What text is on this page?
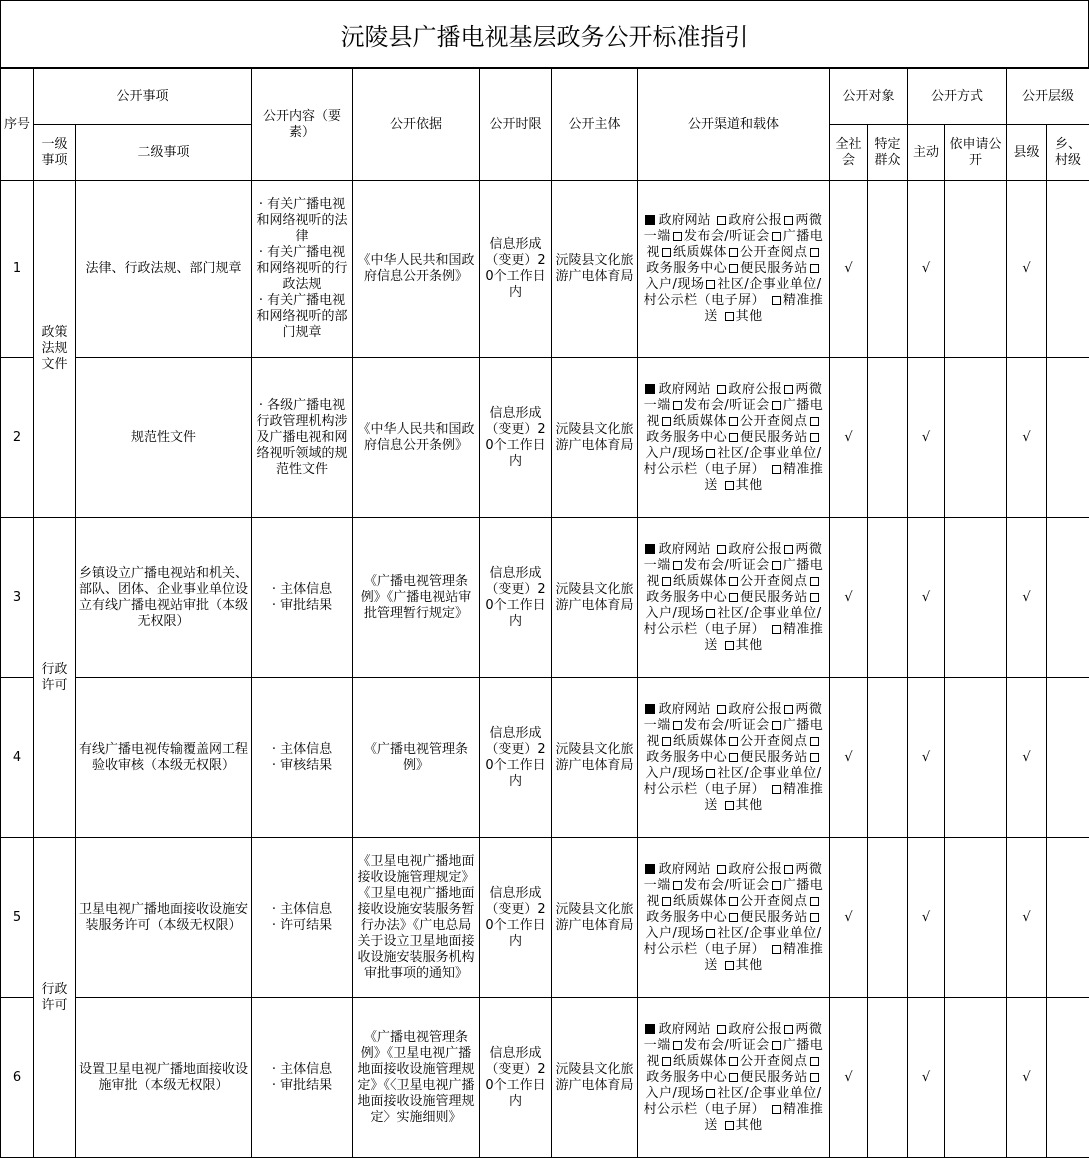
沅陵县广播电视基层政务公开标准指引
序号	公开事项		公开内容（要素）	公开依据	公开时限	公开主体	公开渠道和载体	公开对象		公开方式		公开层级	
	一级事项	二级事项						全社会	特定群众	主动	依申请公开	县级	乡、村级
1	政策法规文件	法律、行政法规、部门规章	· 有关广播电视和网络视听的法律
· 有关广播电视和网络视听的行政法规
· 有关广播电视和网络视听的部门规章	《中华人民共和国政府信息公开条例》	信息形成（变更）20个工作日内	沅陵县文化旅游广电体育局	政府网站 政府公报 两微一端 发布会/听证会 广播电视 纸质媒体 公开查阅点政务服务中心 便民服务站入户/现场 社区/企事业单位/村公示栏（电子屏） 精准推送 其他	√		√		√	
2		规范性文件	· 各级广播电视行政管理机构涉及广播电视和网络视听领域的规范性文件	《中华人民共和国政府信息公开条例》	信息形成（变更）20个工作日内	沅陵县文化旅游广电体育局	政府网站 政府公报 两微一端 发布会/听证会 广播电视 纸质媒体 公开查阅点政务服务中心 便民服务站入户/现场 社区/企事业单位/村公示栏（电子屏） 精准推送 其他	√		√		√	
3	行政许可	乡镇设立广播电视站和机关、部队、团体、企业事业单位设立有线广播电视站审批（本级无权限）	· 主体信息
· 审批结果	《广播电视管理条例》《广播电视站审批管理暂行规定》	信息形成（变更）20个工作日内	沅陵县文化旅游广电体育局	政府网站 政府公报 两微一端 发布会/听证会 广播电视 纸质媒体 公开查阅点政务服务中心 便民服务站入户/现场 社区/企事业单位/村公示栏（电子屏） 精准推送 其他	√		√		√	
4		有线广播电视传输覆盖网工程验收审核（本级无权限）	· 主体信息
· 审核结果	《广播电视管理条例》	信息形成（变更）20个工作日内	沅陵县文化旅游广电体育局	政府网站 政府公报 两微一端 发布会/听证会 广播电视 纸质媒体 公开查阅点政务服务中心 便民服务站入户/现场 社区/企事业单位/村公示栏（电子屏） 精准推送 其他	√		√		√	
5	行政许可	卫星电视广播地面接收设施安装服务许可（本级无权限）	· 主体信息
· 许可结果	《卫星电视广播地面接收设施管理规定》《卫星电视广播地面接收设施安装服务暂行办法》《广电总局关于设立卫星地面接收设施安装服务机构审批事项的通知》	信息形成（变更）20个工作日内	沅陵县文化旅游广电体育局	政府网站 政府公报 两微一端 发布会/听证会 广播电视 纸质媒体 公开查阅点政务服务中心 便民服务站入户/现场 社区/企事业单位/村公示栏（电子屏） 精准推送 其他	√		√		√	
6		设置卫星电视广播地面接收设施审批（本级无权限）	· 主体信息
· 审批结果	《广播电视管理条例》《卫星电视广播地面接收设施管理规定》《〈卫星电视广播地面接收设施管理规定〉实施细则》	信息形成（变更）20个工作日内	沅陵县文化旅游广电体育局	政府网站 政府公报 两微一端 发布会/听证会 广播电视 纸质媒体 公开查阅点政务服务中心 便民服务站入户/现场 社区/企事业单位/村公示栏（电子屏） 精准推送 其他	√		√		√	
